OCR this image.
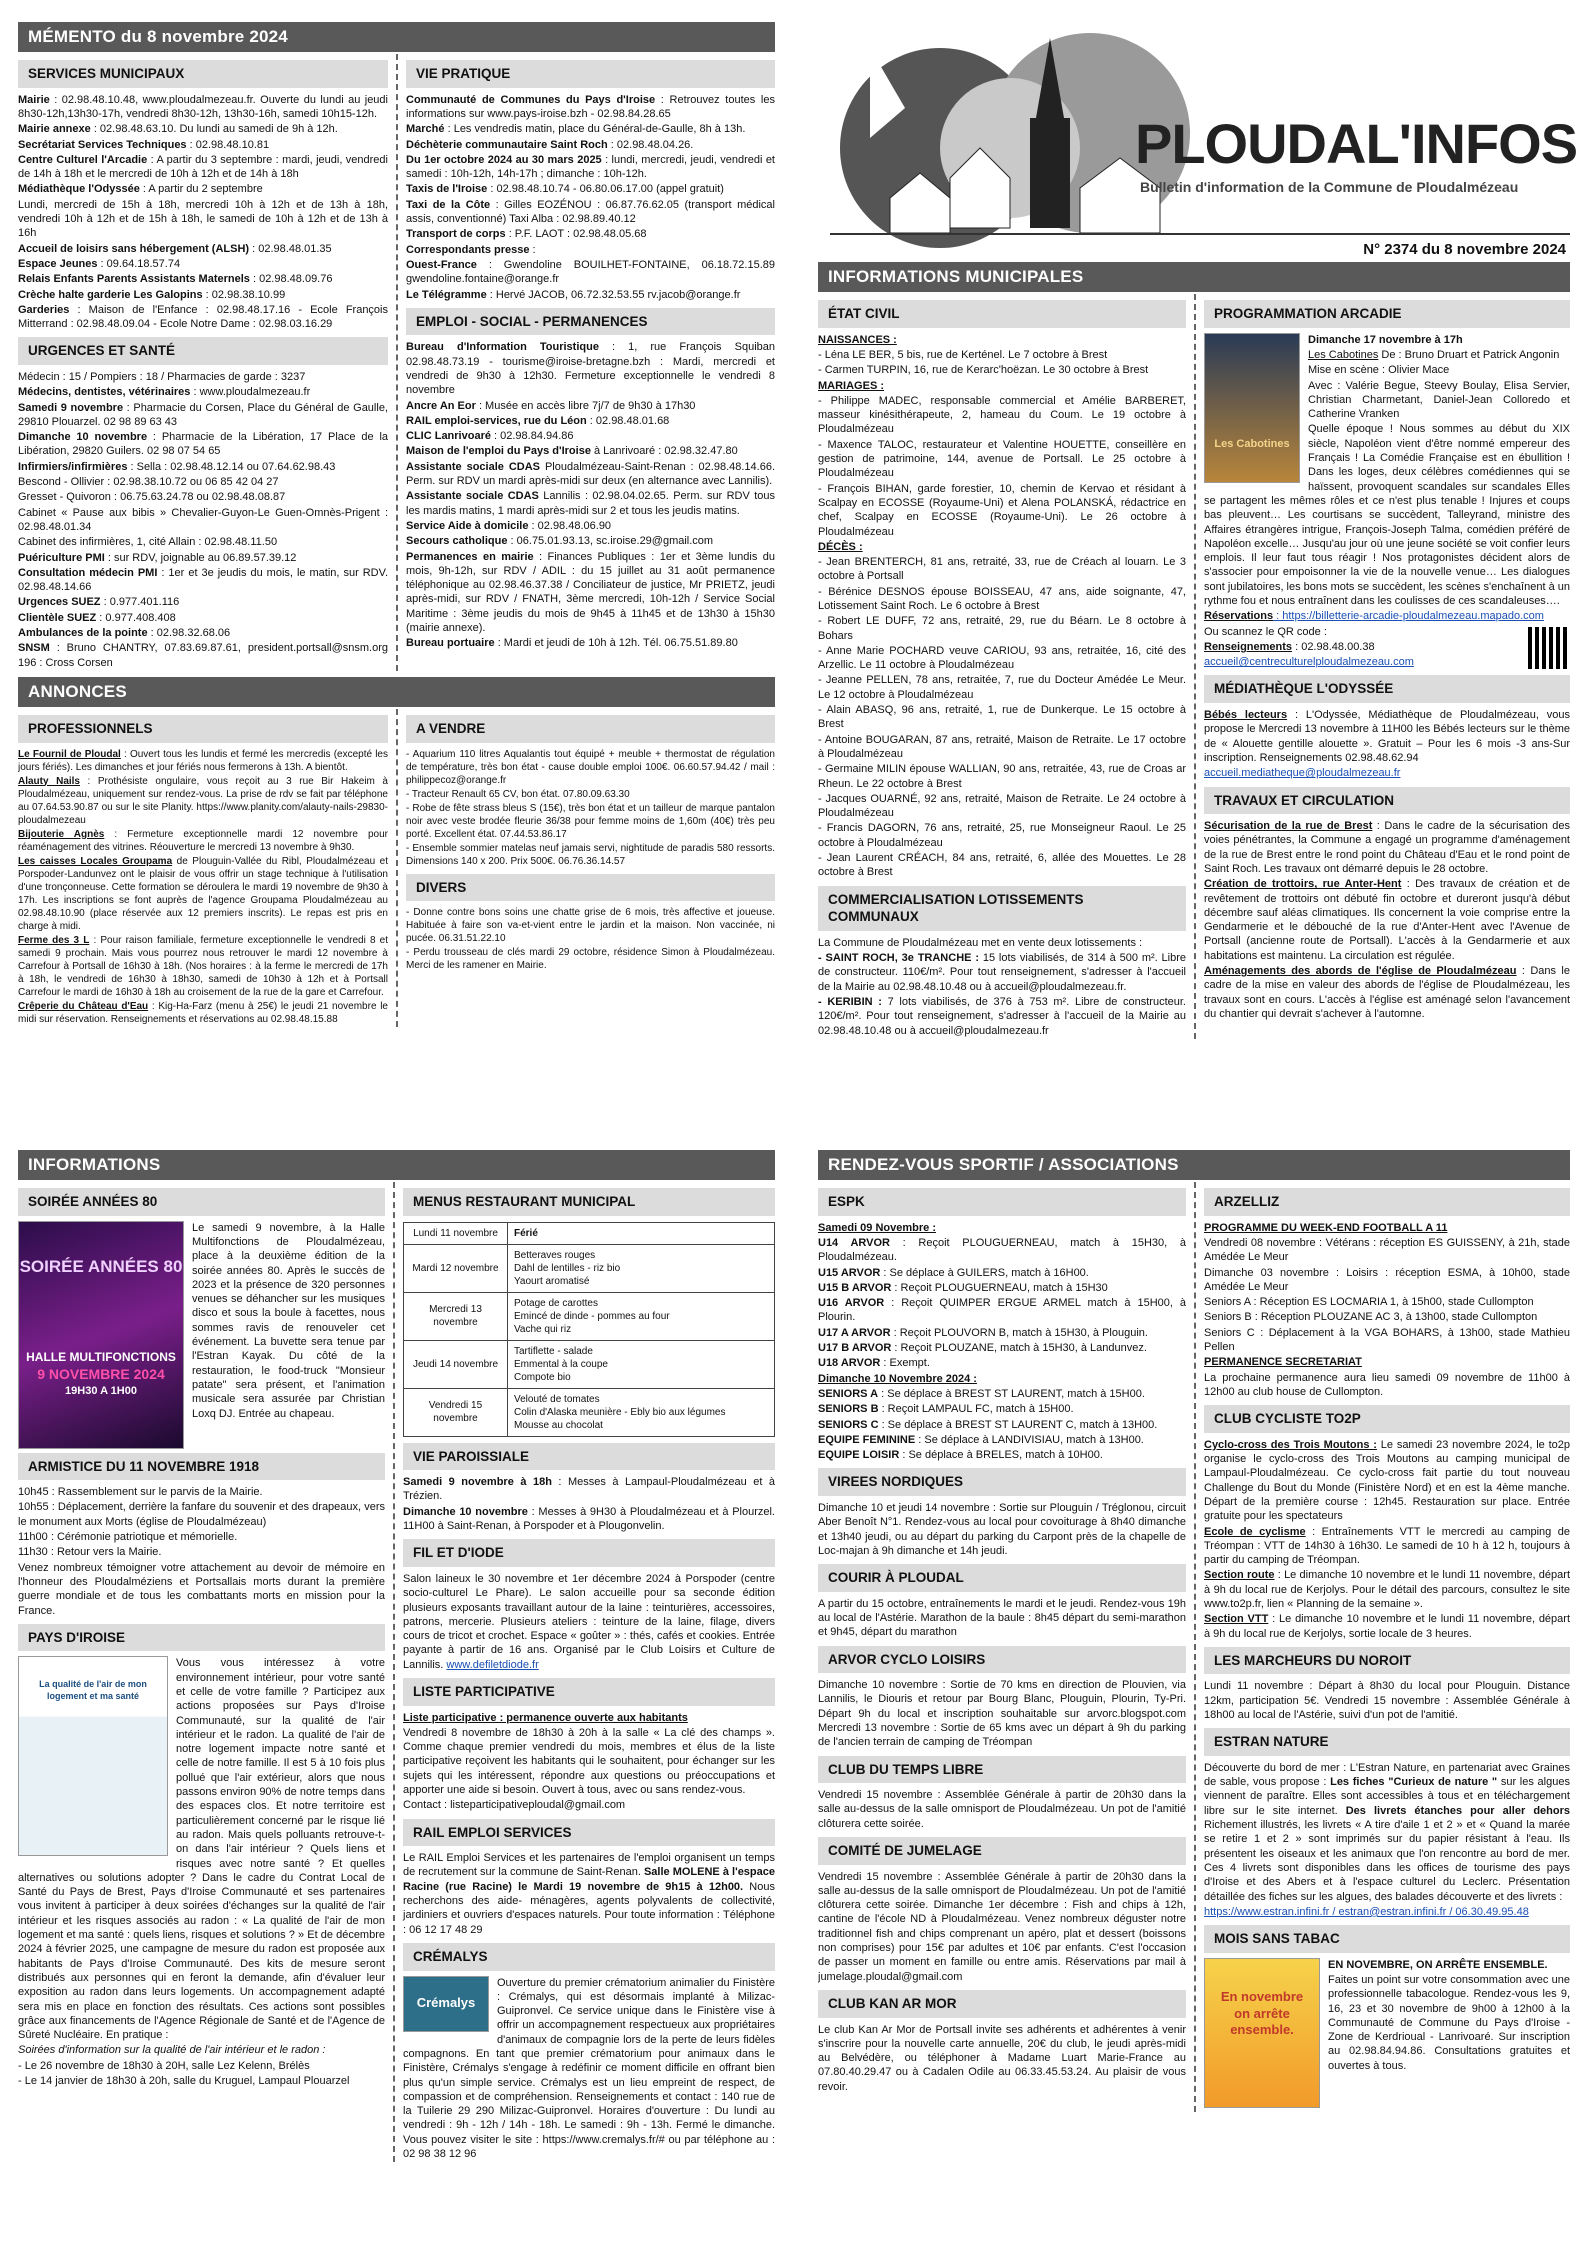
MÉMENTO du 8 novembre 2024
SERVICES MUNICIPAUX

Mairie : 02.98.48.10.48, www.ploudalmezeau.fr. Ouverte du lundi au jeudi 8h30-12h,13h30-17h, vendredi 8h30-12h, 13h30-16h, samedi 10h15-12h.

Mairie annexe : 02.98.48.63.10. Du lundi au samedi de 9h à 12h.

Secrétariat Services Techniques : 02.98.48.10.81

Centre Culturel l'Arcadie : A partir du 3 septembre : mardi, jeudi, vendredi de 14h à 18h et le mercredi de 10h à 12h et de 14h à 18h

Médiathèque l'Odyssée : A partir du 2 septembre

Lundi, mercredi de 15h à 18h, mercredi 10h à 12h et de 13h à 18h, vendredi 10h à 12h et de 15h à 18h, le samedi de 10h à 12h et de 13h à 16h

Accueil de loisirs sans hébergement (ALSH) : 02.98.48.01.35

Espace Jeunes : 09.64.18.57.74

Relais Enfants Parents Assistants Maternels : 02.98.48.09.76

Crèche halte garderie Les Galopins : 02.98.38.10.99

Garderies : Maison de l'Enfance : 02.98.48.17.16 - Ecole François Mitterrand : 02.98.48.09.04 - Ecole Notre Dame : 02.98.03.16.29

URGENCES ET SANTÉ

Médecin : 15 / Pompiers : 18 / Pharmacies de garde : 3237

Médecins, dentistes, vétérinaires : www.ploudalmezeau.fr

Samedi 9 novembre : Pharmacie du Corsen, Place du Général de Gaulle, 29810 Plouarzel. 02 98 89 63 43

Dimanche 10 novembre : Pharmacie de la Libération, 17 Place de la Libération, 29820 Guilers. 02 98 07 54 65

Infirmiers/infirmières : Sella : 02.98.48.12.14 ou 07.64.62.98.43

Bescond - Ollivier : 02.98.38.10.72 ou 06 85 42 04 27

Gresset - Quivoron : 06.75.63.24.78 ou 02.98.48.08.87

Cabinet « Pause aux bibis » Chevalier-Guyon-Le Guen-Omnès-Prigent : 02.98.48.01.34

Cabinet des infirmières, 1, cité Allain : 02.98.48.11.50

Puériculture PMI : sur RDV, joignable au 06.89.57.39.12

Consultation médecin PMI : 1er et 3e jeudis du mois, le matin, sur RDV. 02.98.48.14.66

Urgences SUEZ : 0.977.401.116

Clientèle SUEZ : 0.977.408.408

Ambulances de la pointe : 02.98.32.68.06

SNSM : Bruno CHANTRY, 07.83.69.87.61, president.portsall@snsm.org 196 : Cross Corsen

VIE PRATIQUE

Communauté de Communes du Pays d'Iroise : Retrouvez toutes les informations sur www.pays-iroise.bzh - 02.98.84.28.65

Marché : Les vendredis matin, place du Général-de-Gaulle, 8h à 13h.

Déchèterie communautaire Saint Roch : 02.98.48.04.26.

Du 1er octobre 2024 au 30 mars 2025 : lundi, mercredi, jeudi, vendredi et samedi : 10h-12h, 14h-17h ; dimanche : 10h-12h.

Taxis de l'Iroise : 02.98.48.10.74 - 06.80.06.17.00 (appel gratuit)

Taxi de la Côte : Gilles EOZÉNOU : 06.87.76.62.05 (transport médical assis, conventionné) Taxi Alba : 02.98.89.40.12

Transport de corps : P.F. LAOT : 02.98.48.05.68

Correspondants presse :

Ouest-France : Gwendoline BOUILHET-FONTAINE, 06.18.72.15.89 gwendoline.fontaine@orange.fr

Le Télégramme : Hervé JACOB, 06.72.32.53.55 rv.jacob@orange.fr

EMPLOI - SOCIAL - PERMANENCES

Bureau d'Information Touristique : 1, rue François Squiban 02.98.48.73.19 - tourisme@iroise-bretagne.bzh : Mardi, mercredi et vendredi de 9h30 à 12h30. Fermeture exceptionnelle le vendredi 8 novembre

Ancre An Eor : Musée en accès libre 7j/7 de 9h30 à 17h30

RAIL emploi-services, rue du Léon : 02.98.48.01.68

CLIC Lanrivoaré : 02.98.84.94.86

Maison de l'emploi du Pays d'Iroise à Lanrivoaré : 02.98.32.47.80

Assistante sociale CDAS Ploudalmézeau-Saint-Renan : 02.98.48.14.66. Perm. sur RDV un mardi après-midi sur deux (en alternance avec Lannilis).

Assistante sociale CDAS Lannilis : 02.98.04.02.65. Perm. sur RDV tous les mardis matins, 1 mardi après-midi sur 2 et tous les jeudis matins.

Service Aide à domicile : 02.98.48.06.90

Secours catholique : 06.75.01.93.13, sc.iroise.29@gmail.com

Permanences en mairie : Finances Publiques : 1er et 3ème lundis du mois, 9h-12h, sur RDV / ADIL : du 15 juillet au 31 août permanence téléphonique au 02.98.46.37.38 / Conciliateur de justice, Mr PRIETZ, jeudi après-midi, sur RDV / FNATH, 3ème mercredi, 10h-12h / Service Social Maritime : 3ème jeudis du mois de 9h45 à 11h45 et de 13h30 à 15h30 (mairie annexe).

Bureau portuaire : Mardi et jeudi de 10h à 12h. Tél. 06.75.51.89.80

ANNONCES
PROFESSIONNELS

Le Fournil de Ploudal : Ouvert tous les lundis et fermé les mercredis (excepté les jours fériés). Les dimanches et jour fériés nous fermerons à 13h. A bientôt.

Alauty Nails : Prothésiste ongulaire, vous reçoit au 3 rue Bir Hakeim à Ploudalmézeau, uniquement sur rendez-vous. La prise de rdv se fait par téléphone au 07.64.53.90.87 ou sur le site Planity. https://www.planity.com/alauty-nails-29830-ploudalmezeau

Bijouterie Agnès : Fermeture exceptionnelle mardi 12 novembre pour réaménagement des vitrines. Réouverture le mercredi 13 novembre à 9h30.

Les caisses Locales Groupama de Plouguin-Vallée du Ribl, Ploudalmézeau et Porspoder-Landunvez ont le plaisir de vous offrir un stage technique à l'utilisation d'une tronçonneuse. Cette formation se déroulera le mardi 19 novembre de 9h30 à 17h. Les inscriptions se font auprès de l'agence Groupama Ploudalmézeau au 02.98.48.10.90 (place réservée aux 12 premiers inscrits). Le repas est pris en charge à midi.

Ferme des 3 L : Pour raison familiale, fermeture exceptionnelle le vendredi 8 et samedi 9 prochain. Mais vous pourrez nous retrouver le mardi 12 novembre à Carrefour à Portsall de 16h30 à 18h. (Nos horaires : à la ferme le mercredi de 17h à 18h, le vendredi de 16h30 à 18h30, samedi de 10h30 à 12h et à Portsall Carrefour le mardi de 16h30 à 18h au croisement de la rue de la gare et Carrefour.

Crêperie du Château d'Eau : Kig-Ha-Farz (menu à 25€) le jeudi 21 novembre le midi sur réservation. Renseignements et réservations au 02.98.48.15.88

A VENDRE

- Aquarium 110 litres Aqualantis tout équipé + meuble + thermostat de régulation de température, très bon état - cause double emploi 100€. 06.60.57.94.42 / mail : philippecoz@orange.fr

- Tracteur Renault 65 CV, bon état. 07.80.09.63.30

- Robe de fête strass bleus S (15€), très bon état et un tailleur de marque pantalon noir avec veste brodée fleurie 36/38 pour femme moins de 1,60m (40€) très peu porté. Excellent état. 07.44.53.86.17

- Ensemble sommier matelas neuf jamais servi, nightitude de paradis 580 ressorts. Dimensions 140 x 200. Prix 500€. 06.76.36.14.57

DIVERS

- Donne contre bons soins une chatte grise de 6 mois, très affective et joueuse. Habituée à faire son va-et-vient entre le jardin et la maison. Non vaccinée, ni pucée. 06.31.51.22.10

- Perdu trousseau de clés mardi 29 octobre, résidence Simon à Ploudalmézeau. Merci de les ramener en Mairie.

PLOUDAL'INFOS
Bulletin d'information de la Commune de Ploudalmézeau
N° 2374 du 8 novembre 2024
INFORMATIONS MUNICIPALES
ÉTAT CIVIL

NAISSANCES :

- Léna LE BER, 5 bis, rue de Kerténel. Le 7 octobre à Brest

- Carmen TURPIN, 16, rue de Kerarc'hoëzan. Le 30 octobre à Brest

MARIAGES :

- Philippe MADEC, responsable commercial et Amélie BARBERET, masseur kinésithérapeute, 2, hameau du Coum. Le 19 octobre à Ploudalmézeau

- Maxence TALOC, restaurateur et Valentine HOUETTE, conseillère en gestion de patrimoine, 144, avenue de Portsall. Le 25 octobre à Ploudalmézeau

- François BIHAN, garde forestier, 10, chemin de Kervao et résidant à Scalpay en ECOSSE (Royaume-Uni) et Alena POLANSKÁ, rédactrice en chef, Scalpay en ECOSSE (Royaume-Uni). Le 26 octobre à Ploudalmézeau

DÉCÈS :

- Jean BRENTERCH, 81 ans, retraité, 33, rue de Créach al louarn. Le 3 octobre à Portsall

- Bérénice DESNOS épouse BOISSEAU, 47 ans, aide soignante, 47, Lotissement Saint Roch. Le 6 octobre à Brest

- Robert LE DUFF, 72 ans, retraité, 29, rue du Béarn. Le 8 octobre à Bohars

- Anne Marie POCHARD veuve CARIOU, 93 ans, retraitée, 16, cité des Arzellic. Le 11 octobre à Ploudalmézeau

- Jeanne PELLEN, 78 ans, retraitée, 7, rue du Docteur Amédée Le Meur. Le 12 octobre à Ploudalmézeau

- Alain ABASQ, 96 ans, retraité, 1, rue de Dunkerque. Le 15 octobre à Brest

- Antoine BOUGARAN, 87 ans, retraité, Maison de Retraite. Le 17 octobre à Ploudalmézeau

- Germaine MILIN épouse WALLIAN, 90 ans, retraitée, 43, rue de Croas ar Rheun. Le 22 octobre à Brest

- Jacques OUARNÉ, 92 ans, retraité, Maison de Retraite. Le 24 octobre à Ploudalmézeau

- Francis DAGORN, 76 ans, retraité, 25, rue Monseigneur Raoul. Le 25 octobre à Ploudalmézeau

- Jean Laurent CRÉACH, 84 ans, retraité, 6, allée des Mouettes. Le 28 octobre à Brest

COMMERCIALISATION LOTISSEMENTS COMMUNAUX

La Commune de Ploudalmézeau met en vente deux lotissements :

- SAINT ROCH, 3e TRANCHE : 15 lots viabilisés, de 314 à 500 m². Libre de constructeur. 110€/m². Pour tout renseignement, s'adresser à l'accueil de la Mairie au 02.98.48.10.48 ou à accueil@ploudalmezeau.fr.

- KERIBIN : 7 lots viabilisés, de 376 à 753 m². Libre de constructeur. 120€/m². Pour tout renseignement, s'adresser à l'accueil de la Mairie au 02.98.48.10.48 ou à accueil@ploudalmezeau.fr

PROGRAMMATION ARCADIE
Les Cabotines

Dimanche 17 novembre à 17h

Les Cabotines De : Bruno Druart et Patrick Angonin

Mise en scène : Olivier Mace

Avec : Valérie Begue, Steevy Boulay, Elisa Servier, Christian Charmetant, Daniel-Jean Colloredo et Catherine Vranken

Quelle époque ! Nous sommes au début du XIX siècle, Napoléon vient d'être nommé empereur des Français ! La Comédie Française est en ébullition ! Dans les loges, deux célèbres comédiennes qui se haïssent, provoquent scandales sur scandales Elles se partagent les mêmes rôles et ce n'est plus tenable ! Injures et coups bas pleuvent… Les courtisans se succèdent, Talleyrand, ministre des Affaires étrangères intrigue, François-Joseph Talma, comédien préféré de Napoléon excelle… Jusqu'au jour où une jeune société se voit confier leurs emplois. Il leur faut tous réagir ! Nos protagonistes décident alors de s'associer pour empoisonner la vie de la nouvelle venue… Les dialogues sont jubilatoires, les bons mots se succèdent, les scènes s'enchaînent à un rythme fou et nous entraînent dans les coulisses de ces scandaleuses….

Réservations : https://billetterie-arcadie-ploudalmezeau.mapado.com

Ou scannez le QR code :

Renseignements : 02.98.48.00.38

accueil@centreculturelploudalmezeau.com

MÉDIATHÈQUE L'ODYSSÉE

Bébés lecteurs : L'Odyssée, Médiathèque de Ploudalmézeau, vous propose le Mercredi 13 novembre à 11H00 les Bébés lecteurs sur le thème de « Alouette gentille alouette ». Gratuit – Pour les 6 mois -3 ans-Sur inscription. Renseignements 02.98.48.62.94

accueil.mediatheque@ploudalmezeau.fr

TRAVAUX ET CIRCULATION

Sécurisation de la rue de Brest : Dans le cadre de la sécurisation des voies pénétrantes, la Commune a engagé un programme d'aménagement de la rue de Brest entre le rond point du Château d'Eau et le rond point de Saint Roch. Les travaux ont démarré depuis le 28 octobre.

Création de trottoirs, rue Anter-Hent : Des travaux de création et de revêtement de trottoirs ont débuté fin octobre et dureront jusqu'à début décembre sauf aléas climatiques. Ils concernent la voie comprise entre la Gendarmerie et le débouché de la rue d'Anter-Hent avec l'Avenue de Portsall (ancienne route de Portsall). L'accès à la Gendarmerie et aux habitations est maintenu. La circulation est régulée.

Aménagements des abords de l'église de Ploudalmézeau : Dans le cadre de la mise en valeur des abords de l'église de Ploudalmézeau, les travaux sont en cours. L'accès à l'église est aménagé selon l'avancement du chantier qui devrait s'achever à l'automne.

INFORMATIONS
SOIRÉE ANNÉES 80
SOIRÉE ANNÉES 80
HALLE MULTIFONCTIONS
9 NOVEMBRE 2024
19H30 A 1H00

Le samedi 9 novembre, à la Halle Multifonctions de Ploudalmézeau, place à la deuxième édition de la soirée années 80. Après le succès de 2023 et la présence de 320 personnes venues se déhancher sur les musiques disco et sous la boule à facettes, nous sommes ravis de renouveler cet événement. La buvette sera tenue par l'Estran Kayak. Du côté de la restauration, le food-truck "Monsieur patate" sera présent, et l'animation musicale sera assurée par Christian Loxq DJ. Entrée au chapeau.

ARMISTICE DU 11 NOVEMBRE 1918

10h45 : Rassemblement sur le parvis de la Mairie.

10h55 : Déplacement, derrière la fanfare du souvenir et des drapeaux, vers le monument aux Morts (église de Ploudalmézeau)

11h00 : Cérémonie patriotique et mémorielle.

11h30 : Retour vers la Mairie.

Venez nombreux témoigner votre attachement au devoir de mémoire en l'honneur des Ploudalméziens et Portsallais morts durant la première guerre mondiale et de tous les combattants morts en mission pour la France.

PAYS D'IROISE
La qualité de l'air de mon logement et ma santé

Vous vous intéressez à votre environnement intérieur, pour votre santé et celle de votre famille ? Participez aux actions proposées sur Pays d'Iroise Communauté, sur la qualité de l'air intérieur et le radon. La qualité de l'air de notre logement impacte notre santé et celle de notre famille. Il est 5 à 10 fois plus pollué que l'air extérieur, alors que nous passons environ 90% de notre temps dans des espaces clos. Et notre territoire est particulièrement concerné par le risque lié au radon. Mais quels polluants retrouve-t-on dans l'air intérieur ? Quels liens et risques avec notre santé ? Et quelles alternatives ou solutions adopter ? Dans le cadre du Contrat Local de Santé du Pays de Brest, Pays d'Iroise Communauté et ses partenaires vous invitent à participer à deux soirées d'échanges sur la qualité de l'air intérieur et les risques associés au radon : « La qualité de l'air de mon logement et ma santé : quels liens, risques et solutions ? » Et de décembre 2024 à février 2025, une campagne de mesure du radon est proposée aux habitants de Pays d'Iroise Communauté. Des kits de mesure seront distribués aux personnes qui en feront la demande, afin d'évaluer leur exposition au radon dans leurs logements. Un accompagnement adapté sera mis en place en fonction des résultats. Ces actions sont possibles grâce aux financements de l'Agence Régionale de Santé et de l'Agence de Sûreté Nucléaire. En pratique :

Soirées d'information sur la qualité de l'air intérieur et le radon :

- Le 26 novembre de 18h30 à 20H, salle Lez Kelenn, Brélès

- Le 14 janvier de 18h30 à 20h, salle du Kruguel, Lampaul Plouarzel

MENUS RESTAURANT MUNICIPAL
Lundi 11 novembre	Férié
Mardi 12 novembre	Betteraves rouges
Dahl de lentilles - riz bio
Yaourt aromatisé
Mercredi 13 novembre	Potage de carottes
Emincé de dinde - pommes au four
Vache qui riz
Jeudi 14 novembre	Tartiflette - salade
Emmental à la coupe
Compote bio
Vendredi 15 novembre	Velouté de tomates
Colin d'Alaska meunière - Ebly bio aux légumes
Mousse au chocolat
VIE PAROISSIALE

Samedi 9 novembre à 18h : Messes à Lampaul-Ploudalmézeau et à Trézien.

Dimanche 10 novembre : Messes à 9H30 à Ploudalmézeau et à Plourzel. 11H00 à Saint-Renan, à Porspoder et à Plougonvelin.

FIL ET D'IODE

Salon laineux le 30 novembre et 1er décembre 2024 à Porspoder (centre socio-culturel Le Phare). Le salon accueille pour sa seconde édition plusieurs exposants travaillant autour de la laine : teinturières, accessoires, patrons, mercerie. Plusieurs ateliers : teinture de la laine, filage, divers cours de tricot et crochet. Espace « goûter » : thés, cafés et cookies. Entrée payante à partir de 16 ans. Organisé par le Club Loisirs et Culture de Lannilis. www.defiletdiode.fr

LISTE PARTICIPATIVE

Liste participative : permanence ouverte aux habitants

Vendredi 8 novembre de 18h30 à 20h à la salle « La clé des champs ». Comme chaque premier vendredi du mois, membres et élus de la liste participative reçoivent les habitants qui le souhaitent, pour échanger sur les sujets qui les intéressent, répondre aux questions ou préoccupations et apporter une aide si besoin. Ouvert à tous, avec ou sans rendez-vous.

Contact : listeparticipativeploudal@gmail.com

RAIL EMPLOI SERVICES

Le RAIL Emploi Services et les partenaires de l'emploi organisent un temps de recrutement sur la commune de Saint-Renan. Salle MOLENE à l'espace Racine (rue Racine) le Mardi 19 novembre de 9h15 à 12h00. Nous recherchons des aide- ménagères, agents polyvalents de collectivité, jardiniers et ouvriers d'espaces naturels. Pour toute information : Téléphone : 06 12 17 48 29

CRÉMALYS
Crémalys

Ouverture du premier crématorium animalier du Finistère : Crémalys, qui est désormais implanté à Milizac-Guipronvel. Ce service unique dans le Finistère vise à offrir un accompagnement respectueux aux propriétaires d'animaux de compagnie lors de la perte de leurs fidèles compagnons. En tant que premier crématorium pour animaux dans le Finistère, Crémalys s'engage à redéfinir ce moment difficile en offrant bien plus qu'un simple service. Crémalys est un lieu empreint de respect, de compassion et de compréhension. Renseignements et contact : 140 rue de la Tuilerie 29 290 Milizac-Guipronvel. Horaires d'ouverture : Du lundi au vendredi : 9h - 12h / 14h - 18h. Le samedi : 9h - 13h. Fermé le dimanche. Vous pouvez visiter le site : https://www.cremalys.fr/# ou par téléphone au : 02 98 38 12 96

RENDEZ-VOUS SPORTIF / ASSOCIATIONS
ESPK

Samedi 09 Novembre :

U14 ARVOR : Reçoit PLOUGUERNEAU, match à 15H30, à Ploudalmézeau.

U15 ARVOR : Se déplace à GUILERS, match à 16H00.

U15 B ARVOR : Reçoit PLOUGUERNEAU, match à 15H30

U16 ARVOR : Reçoit QUIMPER ERGUE ARMEL match à 15H00, à Plourin.

U17 A ARVOR : Reçoit PLOUVORN B, match à 15H30, à Plouguin.

U17 B ARVOR : Reçoit PLOUZANE, match à 15H30, à Landunvez.

U18 ARVOR : Exempt.

Dimanche 10 Novembre 2024 :

SENIORS A : Se déplace à BREST ST LAURENT, match à 15H00.

SENIORS B : Reçoit LAMPAUL FC, match à 15H00.

SENIORS C : Se déplace à BREST ST LAURENT C, match à 13H00.

EQUIPE FEMININE : Se déplace à LANDIVISIAU, match à 13H00.

EQUIPE LOISIR : Se déplace à BRELES, match à 10H00.

VIREES NORDIQUES

Dimanche 10 et jeudi 14 novembre : Sortie sur Plouguin / Tréglonou, circuit Aber Benoît N°1. Rendez-vous au local pour covoiturage à 8h40 dimanche et 13h40 jeudi, ou au départ du parking du Carpont près de la chapelle de Loc-majan à 9h dimanche et 14h jeudi.

COURIR À PLOUDAL

A partir du 15 octobre, entraînements le mardi et le jeudi. Rendez-vous 19h au local de l'Astérie. Marathon de la baule : 8h45 départ du semi-marathon et 9h45, départ du marathon

ARVOR CYCLO LOISIRS

Dimanche 10 novembre : Sortie de 70 kms en direction de Plouvien, via Lannilis, le Diouris et retour par Bourg Blanc, Plouguin, Plourin, Ty-Pri. Départ 9h du local et inscription souhaitable sur arvorc.blogspot.com Mercredi 13 novembre : Sortie de 65 kms avec un départ à 9h du parking de l'ancien terrain de camping de Tréompan

CLUB DU TEMPS LIBRE

Vendredi 15 novembre : Assemblée Générale à partir de 20h30 dans la salle au-dessus de la salle omnisport de Ploudalmézeau. Un pot de l'amitié clôturera cette soirée.

COMITÉ DE JUMELAGE

Vendredi 15 novembre : Assemblée Générale à partir de 20h30 dans la salle au-dessus de la salle omnisport de Ploudalmézeau. Un pot de l'amitié clôturera cette soirée. Dimanche 1er décembre : Fish and chips à 12h, cantine de l'école ND à Ploudalmézeau. Venez nombreux déguster notre traditionnel fish and chips comprenant un apéro, plat et dessert (boissons non comprises) pour 15€ par adultes et 10€ par enfants. C'est l'occasion de passer un moment en famille ou entre amis. Réservations par mail à jumelage.ploudal@gmail.com

CLUB KAN AR MOR

Le club Kan Ar Mor de Portsall invite ses adhérents et adhérentes à venir s'inscrire pour la nouvelle carte annuelle, 20€ du club, le jeudi après-midi au Belvédère, ou téléphoner à Madame Luart Marie-France au 07.80.40.29.47 ou à Cadalen Odile au 06.33.45.53.24. Au plaisir de vous revoir.

ARZELLIZ

PROGRAMME DU WEEK-END FOOTBALL A 11

Vendredi 08 novembre : Vétérans : réception ES GUISSENY, à 21h, stade Amédée Le Meur

Dimanche 03 novembre : Loisirs : réception ESMA, à 10h00, stade Amédée Le Meur

Seniors A : Réception ES LOCMARIA 1, à 15h00, stade Cullompton

Seniors B : Réception PLOUZANE AC 3, à 13h00, stade Cullompton

Seniors C : Déplacement à la VGA BOHARS, à 13h00, stade Mathieu Pellen

PERMANENCE SECRETARIAT

La prochaine permanence aura lieu samedi 09 novembre de 11h00 à 12h00 au club house de Cullompton.

CLUB CYCLISTE TO2P

Cyclo-cross des Trois Moutons : Le samedi 23 novembre 2024, le to2p organise le cyclo-cross des Trois Moutons au camping municipal de Lampaul-Ploudalmézeau. Ce cyclo-cross fait partie du tout nouveau Challenge du Bout du Monde (Finistère Nord) et en est la 4ème manche. Départ de la première course : 12h45. Restauration sur place. Entrée gratuite pour les spectateurs

Ecole de cyclisme : Entraînements VTT le mercredi au camping de Tréompan : VTT de 14h30 à 16h30. Le samedi de 10 h à 12 h, toujours à partir du camping de Tréompan.

Section route : Le dimanche 10 novembre et le lundi 11 novembre, départ à 9h du local rue de Kerjolys. Pour le détail des parcours, consultez le site www.to2p.fr, lien « Planning de la semaine ».

Section VTT : Le dimanche 10 novembre et le lundi 11 novembre, départ à 9h du local rue de Kerjolys, sortie locale de 3 heures.

LES MARCHEURS DU NOROIT

Lundi 11 novembre : Départ à 8h30 du local pour Plouguin. Distance 12km, participation 5€. Vendredi 15 novembre : Assemblée Générale à 18h00 au local de l'Astérie, suivi d'un pot de l'amitié.

ESTRAN NATURE

Découverte du bord de mer : L'Estran Nature, en partenariat avec Graines de sable, vous propose : Les fiches "Curieux de nature " sur les algues viennent de paraître. Elles sont accessibles à tous et en téléchargement libre sur le site internet. Des livrets étanches pour aller dehors Richement illustrés, les livrets « A tire d'aile 1 et 2 » et « Quand la marée se retire 1 et 2 » sont imprimés sur du papier résistant à l'eau. Ils présentent les oiseaux et les animaux que l'on rencontre au bord de mer. Ces 4 livrets sont disponibles dans les offices de tourisme des pays d'Iroise et des Abers et à l'espace culturel du Leclerc. Présentation détaillée des fiches sur les algues, des balades découverte et des livrets :

https://www.estran.infini.fr / estran@estran.infini.fr / 06.30.49.95.48

MOIS SANS TABAC
En novembre
on arrête ensemble.

EN NOVEMBRE, ON ARRÊTE ENSEMBLE.

Faites un point sur votre consommation avec une professionnelle tabacologue. Rendez-vous les 9, 16, 23 et 30 novembre de 9h00 à 12h00 à la Communauté de Commune du Pays d'Iroise - Zone de Kerdrioual - Lanrivoaré. Sur inscription au 02.98.84.94.86. Consultations gratuites et ouvertes à tous.
